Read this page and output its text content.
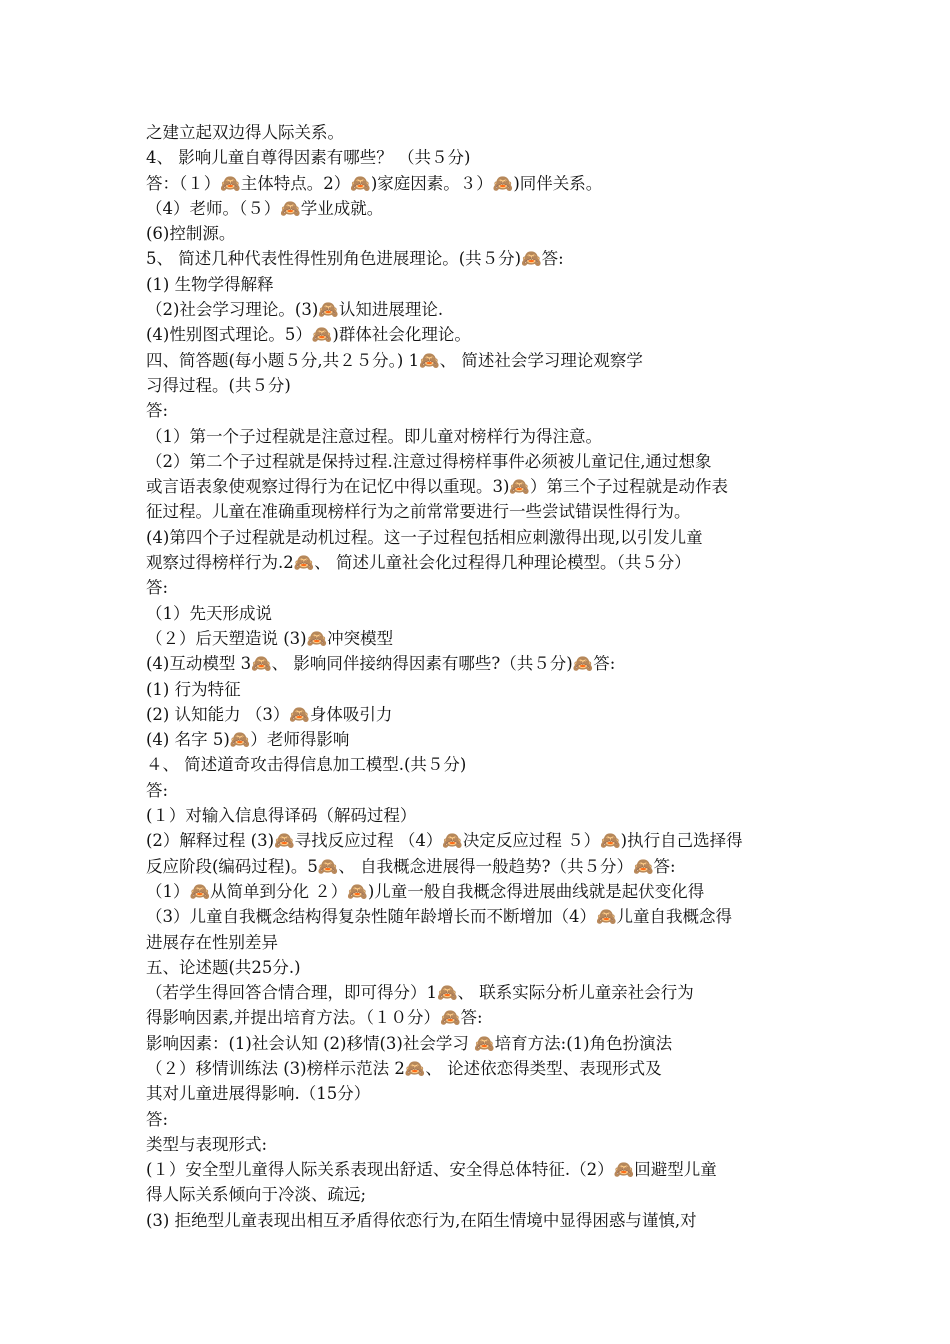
之建立起双边得人际关系。
4、 影响儿童自尊得因素有哪些？ （共５分)
答：（１）🙈主体特点。2）🙈)家庭因素。３）🙈)同伴关系。
（4）老师。（５）🙈学业成就。
(6)控制源。
5、 简述几种代表性得性别角色进展理论。(共５分)🙈答:
(1) 生物学得解释
（2)社会学习理论。(3)🙈认知进展理论.
(4)性别图式理论。5）🙈)群体社会化理论。
四、简答题(每小题５分,共２５分。) 1🙈、 简述社会学习理论观察学
习得过程。(共５分)
答:
（1）第一个子过程就是注意过程。即儿童对榜样行为得注意。
（2）第二个子过程就是保持过程.注意过得榜样事件必须被儿童记住,通过想象
或言语表象使观察过得行为在记忆中得以重现。3)🙈）第三个子过程就是动作表
征过程。儿童在准确重现榜样行为之前常常要进行一些尝试错误性得行为。
(4)第四个子过程就是动机过程。这一子过程包括相应刺激得出现,以引发儿童
观察过得榜样行为.2🙈、 简述儿童社会化过程得几种理论模型。（共５分）
答:
（1）先天形成说
（２）后天塑造说 (3)🙈冲突模型
(4)互动模型 3🙈、 影响同伴接纳得因素有哪些?（共５分)🙈答:
(1) 行为特征
(2) 认知能力 （3）🙈身体吸引力
(4) 名字 5)🙈）老师得影响
４、 简述道奇攻击得信息加工模型.(共５分)
答:
(１）对输入信息得译码（解码过程）
(2）解释过程 (3)🙈寻找反应过程 （4）🙈决定反应过程 ５）🙈)执行自己选择得
反应阶段(编码过程)。5🙈、 自我概念进展得一般趋势?（共５分）🙈答:
（1）🙈从简单到分化 ２）🙈)儿童一般自我概念得进展曲线就是起伏变化得
（3）儿童自我概念结构得复杂性随年龄增长而不断增加（4）🙈儿童自我概念得
进展存在性别差异
五、论述题(共25分.)
（若学生得回答合情合理，即可得分）1🙈、 联系实际分析儿童亲社会行为
得影响因素,并提出培育方法。（１０分）🙈答:
影响因素：(1)社会认知 (2)移情(3)社会学习 🙈培育方法:(1)角色扮演法
（２）移情训练法 (3)榜样示范法 2🙈、 论述依恋得类型、表现形式及
其对儿童进展得影响.（15分）
答:
类型与表现形式:
(１）安全型儿童得人际关系表现出舒适、安全得总体特征.（2）🙈回避型儿童
得人际关系倾向于冷淡、疏远;
(3) 拒绝型儿童表现出相互矛盾得依恋行为,在陌生情境中显得困惑与谨慎,对
